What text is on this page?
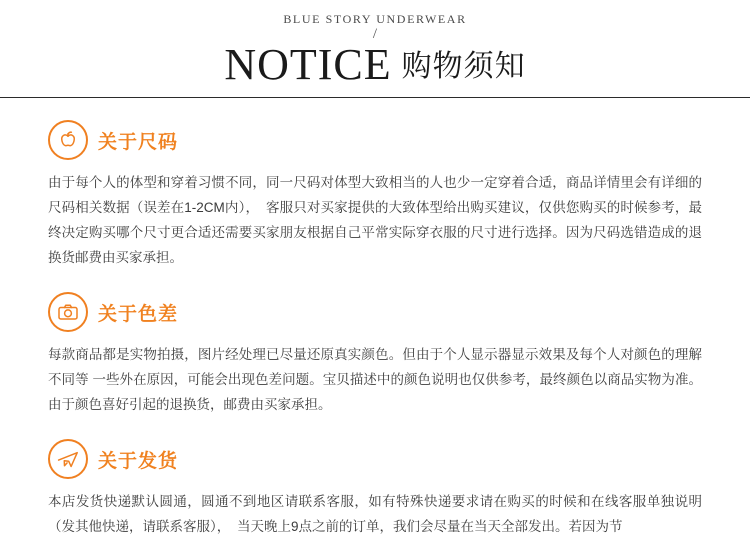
BLUE STORY UNDERWEAR
/
NOTICE 购物须知
关于尺码
由于每个人的体型和穿着习惯不同，同一尺码对体型大致相当的人也少一定穿着合适，商品详情里会有详细的尺码相关数据（误差在1-2CM内），　客服只对买家提供的大致体型给出购买建议，仅供您购买的时候参考，最终决定购买哪个尺寸更合适还需要买家朋友根据自己平常实际穿衣服的尺寸进行选择。因为尺码选错造成的退换货邮费由买家承担。
关于色差
每款商品都是实物拍摄，图片经处理已尽量还原真实颜色。但由于个人显示器显示效果及每个人对颜色的理解不同等 一些外在原因，可能会出现色差问题。宝贝描述中的颜色说明也仅供参考，最终颜色以商品实物为准。由于颜色喜好引起的退换货，邮费由买家承担。
关于发货
本店发货快递默认圆通，圆通不到地区请联系客服，如有特殊快递要求请在购买的时候和在线客服单独说明（发其他快递，请联系客服），　当天晚上9点之前的订单，我们会尽量在当天全部发出。若因为节
